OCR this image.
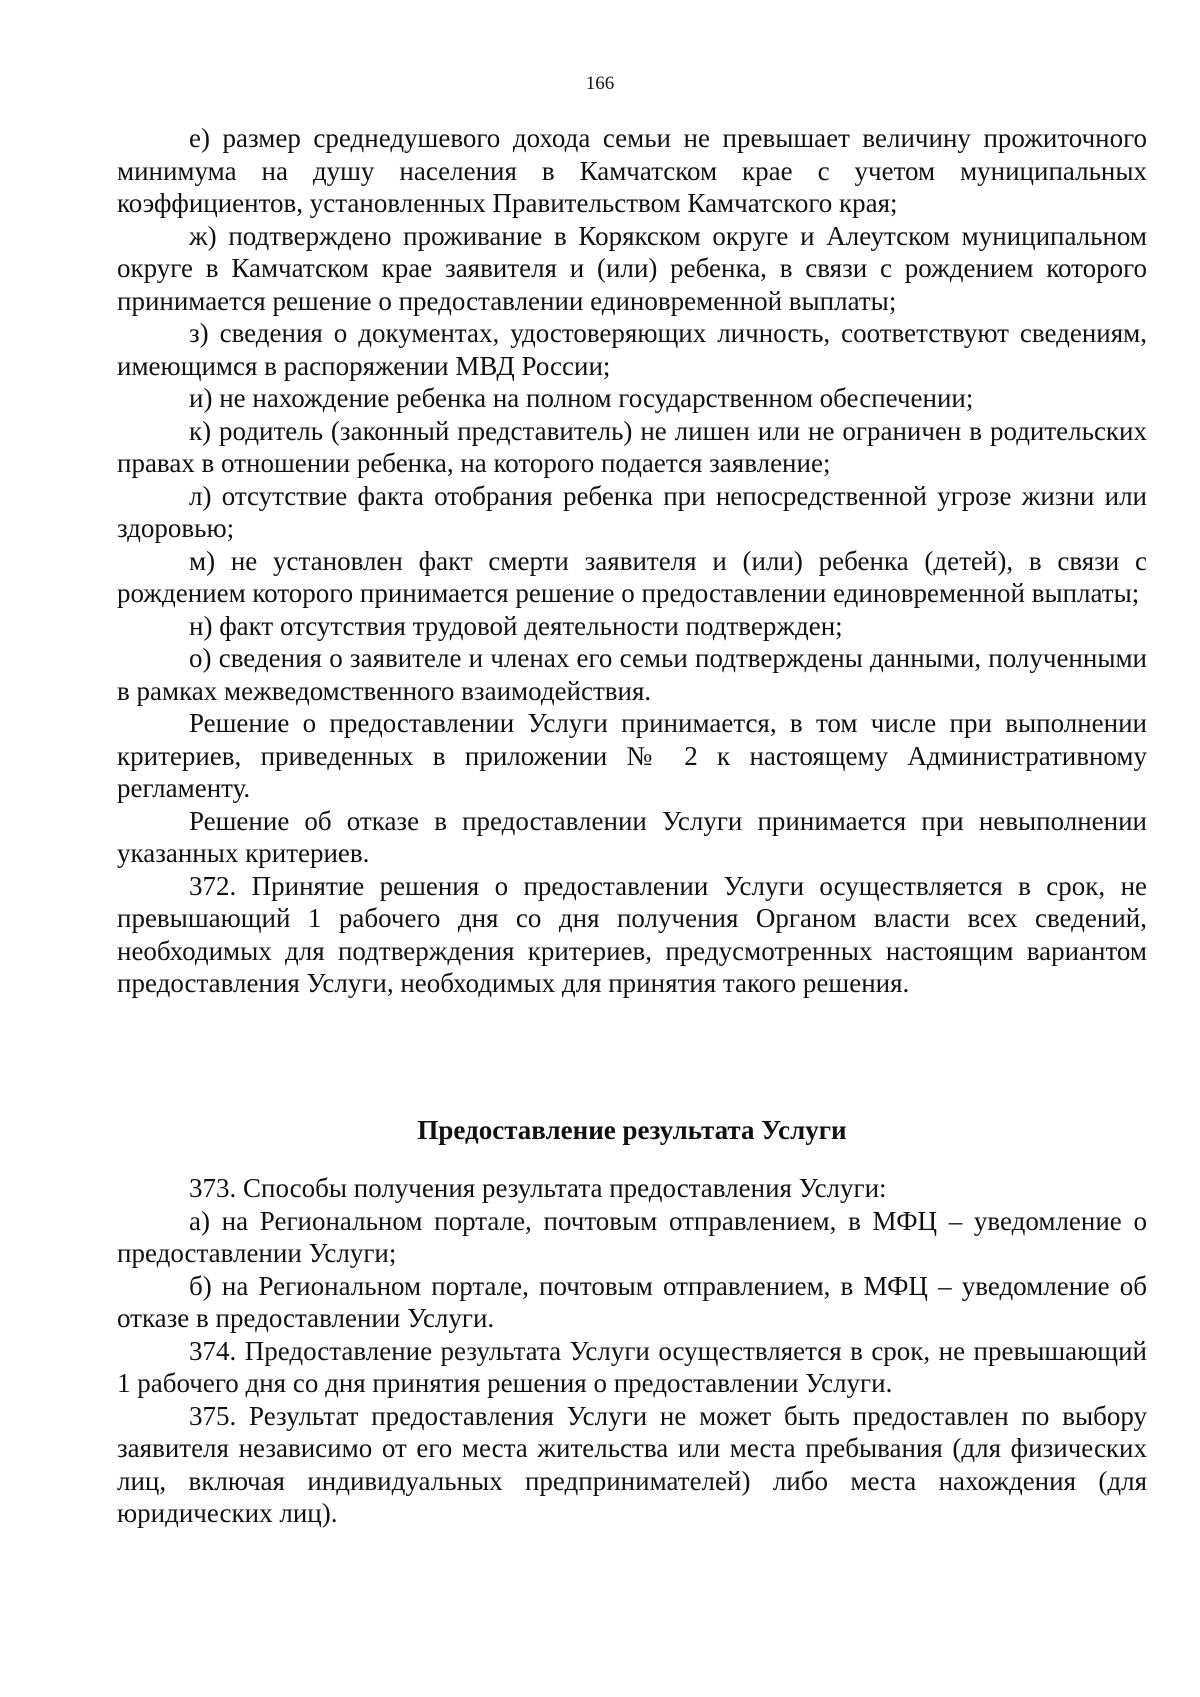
166

е) размер среднедушевого дохода семьи не превышает величину прожиточного минимума на душу населения в Камчатском крае с учетом муниципальных коэффициентов, установленных Правительством Камчатского края;

ж) подтверждено проживание в Корякском округе и Алеутском муниципальном округе в Камчатском крае заявителя и (или) ребенка, в связи с рождением которого принимается решение о предоставлении единовременной выплаты;

з) сведения о документах, удостоверяющих личность, соответствуют сведениям, имеющимся в распоряжении МВД России;

и) не нахождение ребенка на полном государственном обеспечении;

к) родитель (законный представитель) не лишен или не ограничен в родительских правах в отношении ребенка, на которого подается заявление;

л) отсутствие факта отобрания ребенка при непосредственной угрозе жизни или здоровью;

м) не установлен факт смерти заявителя и (или) ребенка (детей), в связи с рождением которого принимается решение о предоставлении единовременной выплаты;

н) факт отсутствия трудовой деятельности подтвержден;

о) сведения о заявителе и членах его семьи подтверждены данными, полученными в рамках межведомственного взаимодействия.

Решение о предоставлении Услуги принимается, в том числе при выполнении критериев, приведенных в приложении № 2 к настоящему Административному регламенту.

Решение об отказе в предоставлении Услуги принимается при невыполнении указанных критериев.

372. Принятие решения о предоставлении Услуги осуществляется в срок, не превышающий 1 рабочего дня со дня получения Органом власти всех сведений, необходимых для подтверждения критериев, предусмотренных настоящим вариантом предоставления Услуги, необходимых для принятия такого решения.

Предоставление результата Услуги

373. Способы получения результата предоставления Услуги:

а) на Региональном портале, почтовым отправлением, в МФЦ – уведомление о предоставлении Услуги;

б) на Региональном портале, почтовым отправлением, в МФЦ – уведомление об отказе в предоставлении Услуги.

374. Предоставление результата Услуги осуществляется в срок, не превышающий 1 рабочего дня со дня принятия решения о предоставлении Услуги.

375. Результат предоставления Услуги не может быть предоставлен по выбору заявителя независимо от его места жительства или места пребывания (для физических лиц, включая индивидуальных предпринимателей) либо места нахождения (для юридических лиц).
